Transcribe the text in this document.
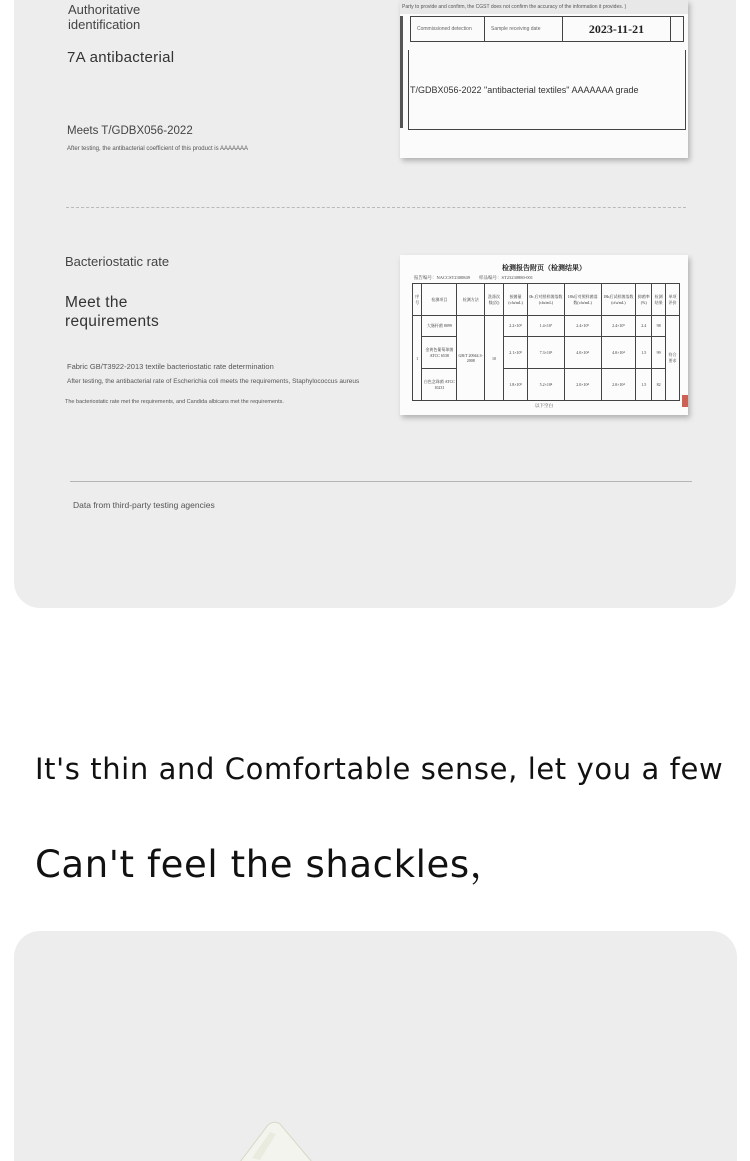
Authoritative identification
7A antibacterial
Meets T/GDBX056-2022
After testing, the antibacterial coefficient of this product is AAAAAAA
Party to provide and confirm, the CGST does not confirm the accuracy of the information it provides. )
Commissioned detection	Sample receiving date	2023-11-21
T/GDBX056-2022 "antibacterial textiles" AAAAAAA grade
Bacteriostatic rate
Meet the requirements
Fabric GB/T3922-2013 textile bacteriostatic rate determination
After testing, the antibacterial rate of Escherichia coli meets the requirements, Staphylococcus aureus
The bacteriostatic rate met the requirements, and Candida albicans met the requirements.
检测报告附页（检测结果）
报告编号：NACCST2300849　　样品编号：ST23230880-001
序号	检测项目	检测方法	洗涤次数(次)	接菌量(cfu/mL)	0h 后对照样菌落数(cfu/mL)	18h后对照样菌落数(cfu/mL)	18h后试样菌落数(cfu/mL)	抑菌率(%)	检测结果	单项评价
1	大肠杆菌 8099	GB/T 20944.3-2008	10	2.2×10⁵	1.4×10⁷	2.4×10⁵	2.4×10⁵	2.4	98	符合要求
	金黄色葡萄球菌 ATCC 6538			2.1×10⁵	7.3×10⁶	4.0×10⁴	4.0×10⁴	1.5	99	
	白色念珠菌 ATCC 10231			1.8×10⁵	5.2×10⁴	2.0×10⁴	2.0×10⁴	1.5	82	
以下空白
Data from third-party testing agencies
It's thin and Comfortable sense, let you a few
Can't feel the shackles，
